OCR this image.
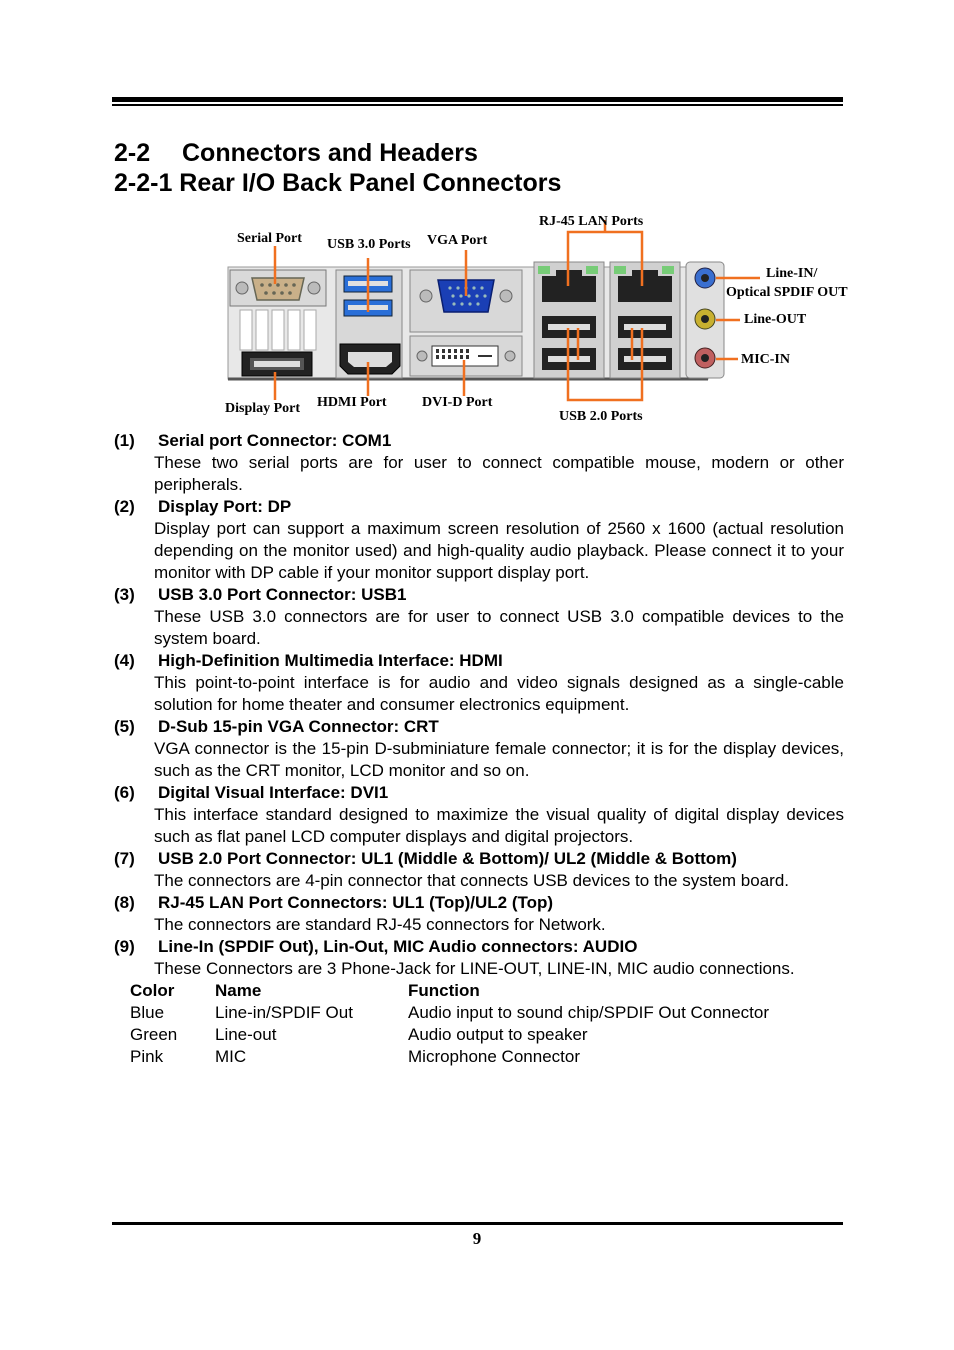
2-2 Connectors and Headers
2-2-1 Rear I/O Back Panel Connectors
Serial Port USB 3.0 Ports VGA Port
RJ-45 LAN Ports
Line-IN/
Optical SPDIF OUT
Line-OUT
MIC-IN
Display Port HDMI Port	DVI-D Port
USB 2.0 Ports
(1) Serial port Connector: COM1
These two serial ports are for user to connect compatible mouse, modern or other peripherals.
(2) Display Port: DP
Display port can support a maximum screen resolution of 2560 x 1600 (actual resolution depending on the monitor used) and high-quality audio playback. Please connect it to your monitor with DP cable if your monitor support display port.
(3) USB 3.0 Port Connector: USB1
These USB 3.0 connectors are for user to connect USB 3.0 compatible devices to the system board.
(4) High-Definition Multimedia Interface: HDMI
This point-to-point interface is for audio and video signals designed as a single-cable solution for home theater and consumer electronics equipment.
(5) D-Sub 15-pin VGA Connector: CRT
VGA connector is the 15-pin D-subminiature female connector; it is for the display devices, such as the CRT monitor, LCD monitor and so on.
(6) Digital Visual Interface: DVI1
This interface standard designed to maximize the visual quality of digital display devices such as flat panel LCD computer displays and digital projectors.
(7) USB 2.0 Port Connector: UL1 (Middle & Bottom)/ UL2 (Middle & Bottom)
The connectors are 4-pin connector that connects USB devices to the system board.
(8) RJ-45 LAN Port Connectors: UL1 (Top)/UL2 (Top)
The connectors are standard RJ-45 connectors for Network.
(9) Line-In (SPDIF Out), Lin-Out, MIC Audio connectors: AUDIO
These Connectors are 3 Phone-Jack for LINE-OUT, LINE-IN, MIC audio connections.
Color	Name	Function
Blue	Line-in/SPDIF Out	Audio input to sound chip/SPDIF Out Connector
Green	Line-out	Audio output to speaker
Pink	MIC	Microphone Connector
9
